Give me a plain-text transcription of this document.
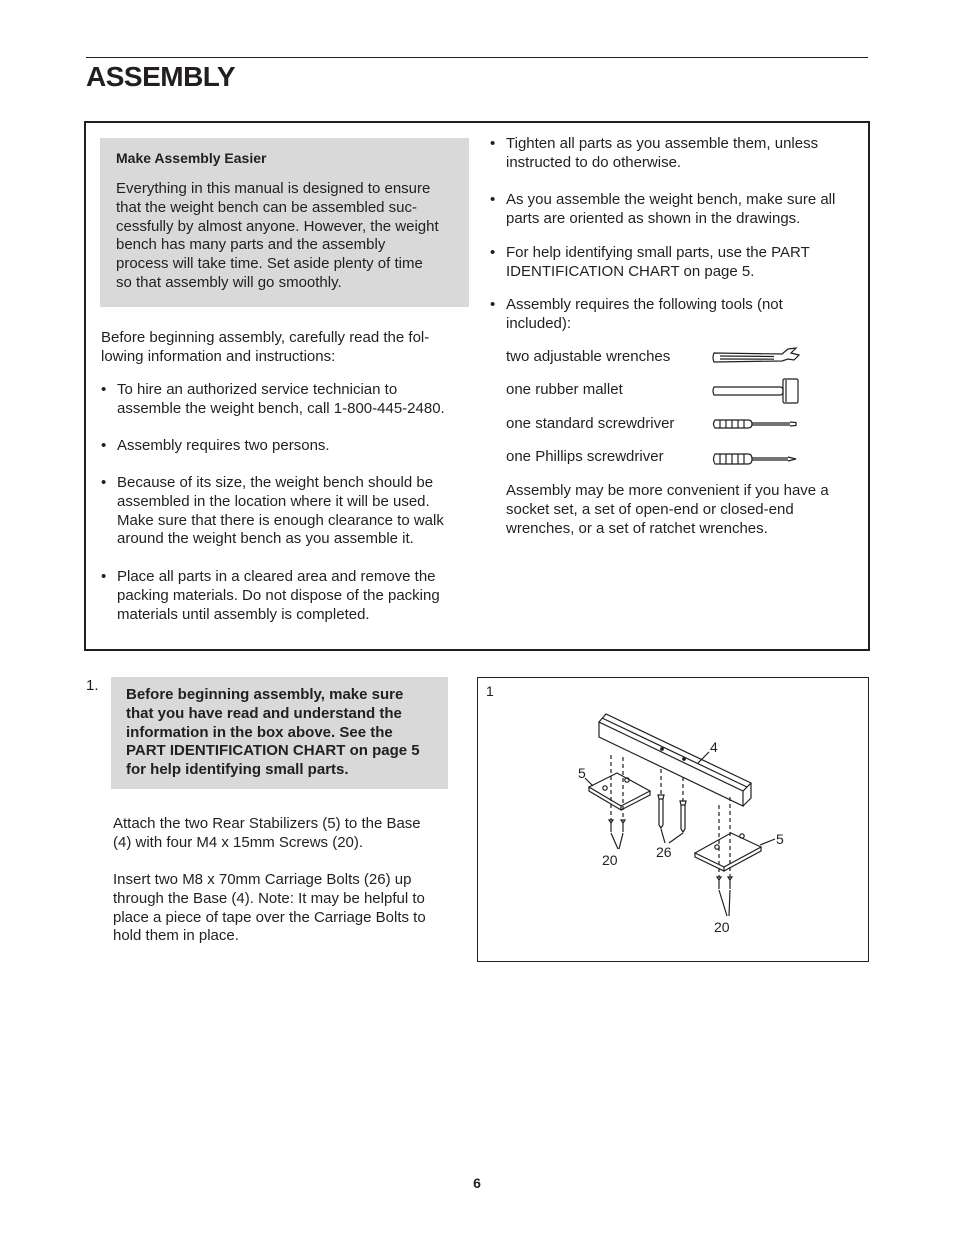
ASSEMBLY
Make Assembly Easier
Everything in this manual is designed to ensure
that the weight bench can be assembled suc-
cessfully by almost anyone. However, the weight
bench has many parts and the assembly
process will take time. Set aside plenty of time
so that assembly will go smoothly.
Before beginning assembly, carefully read the fol-
lowing information and instructions:
• To hire an authorized service technician to
assemble the weight bench, call 1-800-445-2480.
• Assembly requires two persons.
• Because of its size, the weight bench should be
assembled in the location where it will be used.
Make sure that there is enough clearance to walk
around the weight bench as you assemble it.
• Place all parts in a cleared area and remove the
packing materials. Do not dispose of the packing
materials until assembly is completed.
• Tighten all parts as you assemble them, unless
instructed to do otherwise.
• As you assemble the weight bench, make sure all
parts are oriented as shown in the drawings.
• For help identifying small parts, use the PART
IDENTIFICATION CHART on page 5.
• Assembly requires the following tools (not
included):
two adjustable wrenches
one rubber mallet
one standard screwdriver
one Phillips screwdriver
Assembly may be more convenient if you have a
socket set, a set of open-end or closed-end
wrenches, or a set of ratchet wrenches.
1.
Before beginning assembly, make sure
that you have read and understand the
information in the box above. See the
PART IDENTIFICATION CHART on page 5
for help identifying small parts.
Attach the two Rear Stabilizers (5) to the Base
(4) with four M4 x 15mm Screws (20).
Insert two M8 x 70mm Carriage Bolts (26) up
through the Base (4). Note: It may be helpful to
place a piece of tape over the Carriage Bolts to
hold them in place.
1
4
5
5
20	26
20
6
